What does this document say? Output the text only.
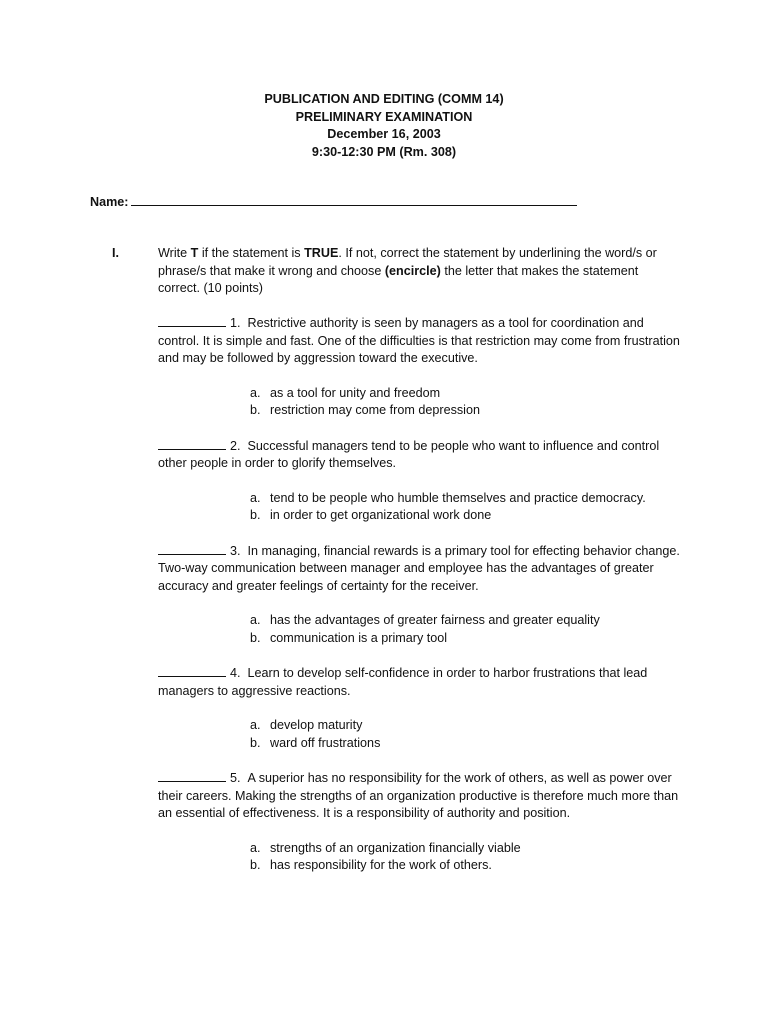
PUBLICATION AND EDITING (COMM 14)
PRELIMINARY EXAMINATION
December 16, 2003
9:30-12:30 PM (Rm. 308)
Name:
I.	Write T if the statement is TRUE. If not, correct the statement by underlining the word/s or phrase/s that make it wrong and choose (encircle) the letter that makes the statement correct. (10 points)
1. Restrictive authority is seen by managers as a tool for coordination and control. It is simple and fast. One of the difficulties is that restriction may come from frustration and may be followed by aggression toward the executive.
a. as a tool for unity and freedom
b. restriction may come from depression
2. Successful managers tend to be people who want to influence and control other people in order to glorify themselves.
a. tend to be people who humble themselves and practice democracy.
b. in order to get organizational work done
3. In managing, financial rewards is a primary tool for effecting behavior change. Two-way communication between manager and employee has the advantages of greater accuracy and greater feelings of certainty for the receiver.
a. has the advantages of greater fairness and greater equality
b. communication is a primary tool
4. Learn to develop self-confidence in order to harbor frustrations that lead managers to aggressive reactions.
a. develop maturity
b. ward off frustrations
5. A superior has no responsibility for the work of others, as well as power over their careers. Making the strengths of an organization productive is therefore much more than an essential of effectiveness. It is a responsibility of authority and position.
a. strengths of an organization financially viable
b. has responsibility for the work of others.
